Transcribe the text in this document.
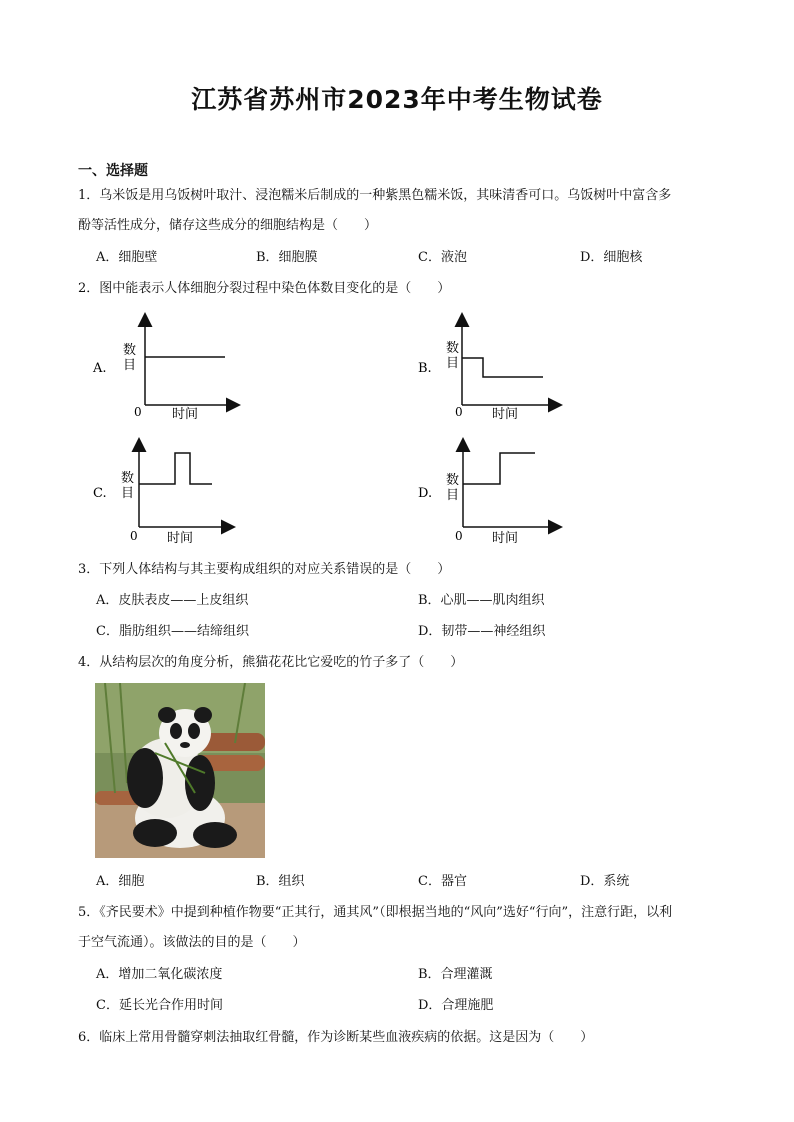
江苏省苏州市2023年中考生物试卷
一、选择题
1．乌米饭是用乌饭树叶取汁、浸泡糯米后制成的一种紫黑色糯米饭，其味清香可口。乌饭树叶中富含多
酚等活性成分，储存这些成分的细胞结构是（　　）
A．细胞壁	B．细胞膜	C．液泡	D．细胞核
2．图中能表示人体细胞分裂过程中染色体数目变化的是（　　）
A.
数
目
0 时间
B.
数
目
0 时间
C.
数
目
0 时间
D.
数
目
0 时间
3．下列人体结构与其主要构成组织的对应关系错误的是（　　）
A．皮肤表皮——上皮组织	B．心肌——肌肉组织
C．脂肪组织——结缔组织	D．韧带——神经组织
4．从结构层次的角度分析，熊猫花花比它爱吃的竹子多了（　　）
A．细胞	B．组织	C．器官	D．系统
5．《齐民要术》中提到种植作物要“正其行，通其风”（即根据当地的“风向”选好“行向”，注意行距，以利
于空气流通）。该做法的目的是（　　）
A．增加二氧化碳浓度	B．合理灌溉
C．延长光合作用时间	D．合理施肥
6．临床上常用骨髓穿刺法抽取红骨髓，作为诊断某些血液疾病的依据。这是因为（　　）
